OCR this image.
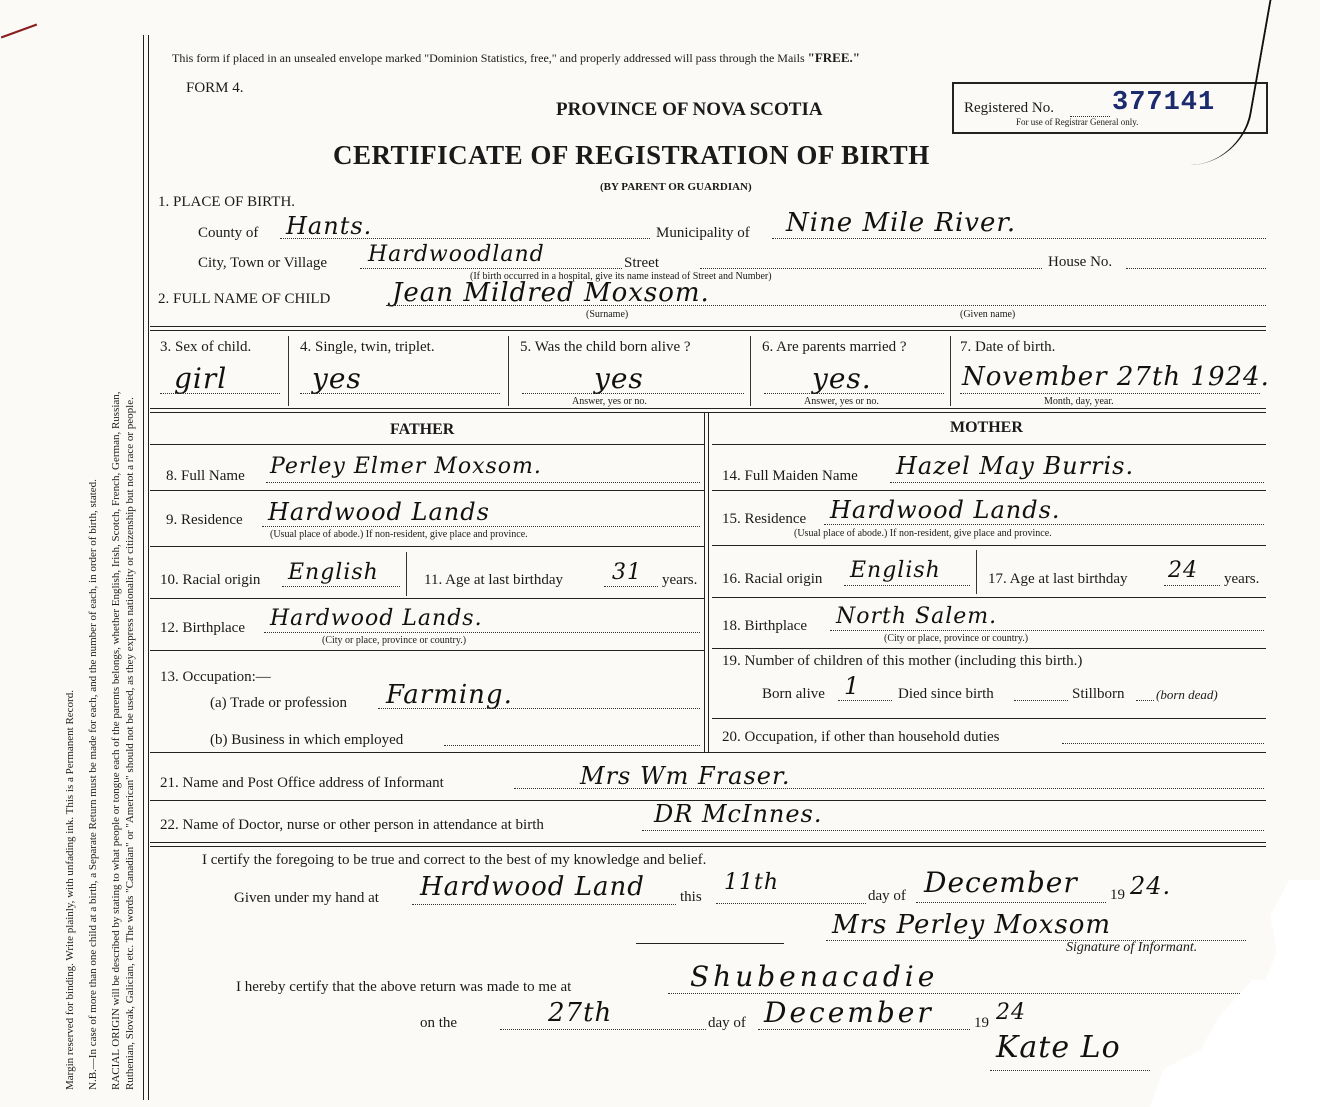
Margin reserved for binding. Write plainly, with unfading ink. This is a Permanent Record. N.B.—In case of more than one child at a birth, a Separate Return must be made for each, and the number of each, in order of birth, stated. RACIAL ORIGIN will be described by stating to what people or tongue each of the parents belongs, whether English, Irish, Scotch, French, German, Russian, Ruthenian, Slovak, Galician, etc. The words "Canadian" or "American" should not be used, as they express nationality or citizenship but not a race or people.
This form if placed in an unsealed envelope marked "Dominion Statistics, free," and properly addressed will pass through the Mails "FREE."
FORM 4.
PROVINCE OF NOVA SCOTIA
CERTIFICATE OF REGISTRATION OF BIRTH
(BY PARENT OR GUARDIAN)
Registered No. 377141
For use of Registrar General only.
1. PLACE OF BIRTH.
County of Hants.	Municipality of Nine Mile River.
City, Town or Village Hardwoodland	Street	House No.
(If birth occurred in a hospital, give its name instead of Street and Number)
2. FULL NAME OF CHILD Jean Mildred Moxsom.
(Surname)	(Given name)
3. Sex of child.
girl
4. Single, twin, triplet.
yes
5. Was the child born alive ?
yes
Answer, yes or no.
6. Are parents married ?
yes.
Answer, yes or no.
7. Date of birth.
November 27th 1924.
Month, day, year.
FATHER	MOTHER
8. Full Name Perley Elmer Moxsom.
9. Residence Hardwood Lands
(Usual place of abode.) If non-resident, give place and province.
10. Racial origin English	11. Age at last birthday 31 years.
12. Birthplace Hardwood Lands.
(City or place, province or country.)
13. Occupation:—
(a) Trade or profession Farming.
(b) Business in which employed
14. Full Maiden Name Hazel May Burris.
15. Residence Hardwood Lands.
(Usual place of abode.) If non-resident, give place and province.
16. Racial origin English	17. Age at last birthday 24 years.
18. Birthplace North Salem.
(City or place, province or country.)
19. Number of children of this mother (including this birth.)
Born alive 1	Died since birth	Stillborn (born dead)
20. Occupation, if other than household duties
21. Name and Post Office address of Informant	Mrs Wm Fraser.
22. Name of Doctor, nurse or other person in attendance at birth	DR McInnes.
I certify the foregoing to be true and correct to the best of my knowledge and belief.
Given under my hand at Hardwood Land this
11th
day of December 19 24.
Mrs Perley Moxsom
Signature of Informant.
I hereby certify that the above return was made to me at	Shubenacadie
on the	27th	day of December	19 24
Kate Lo
